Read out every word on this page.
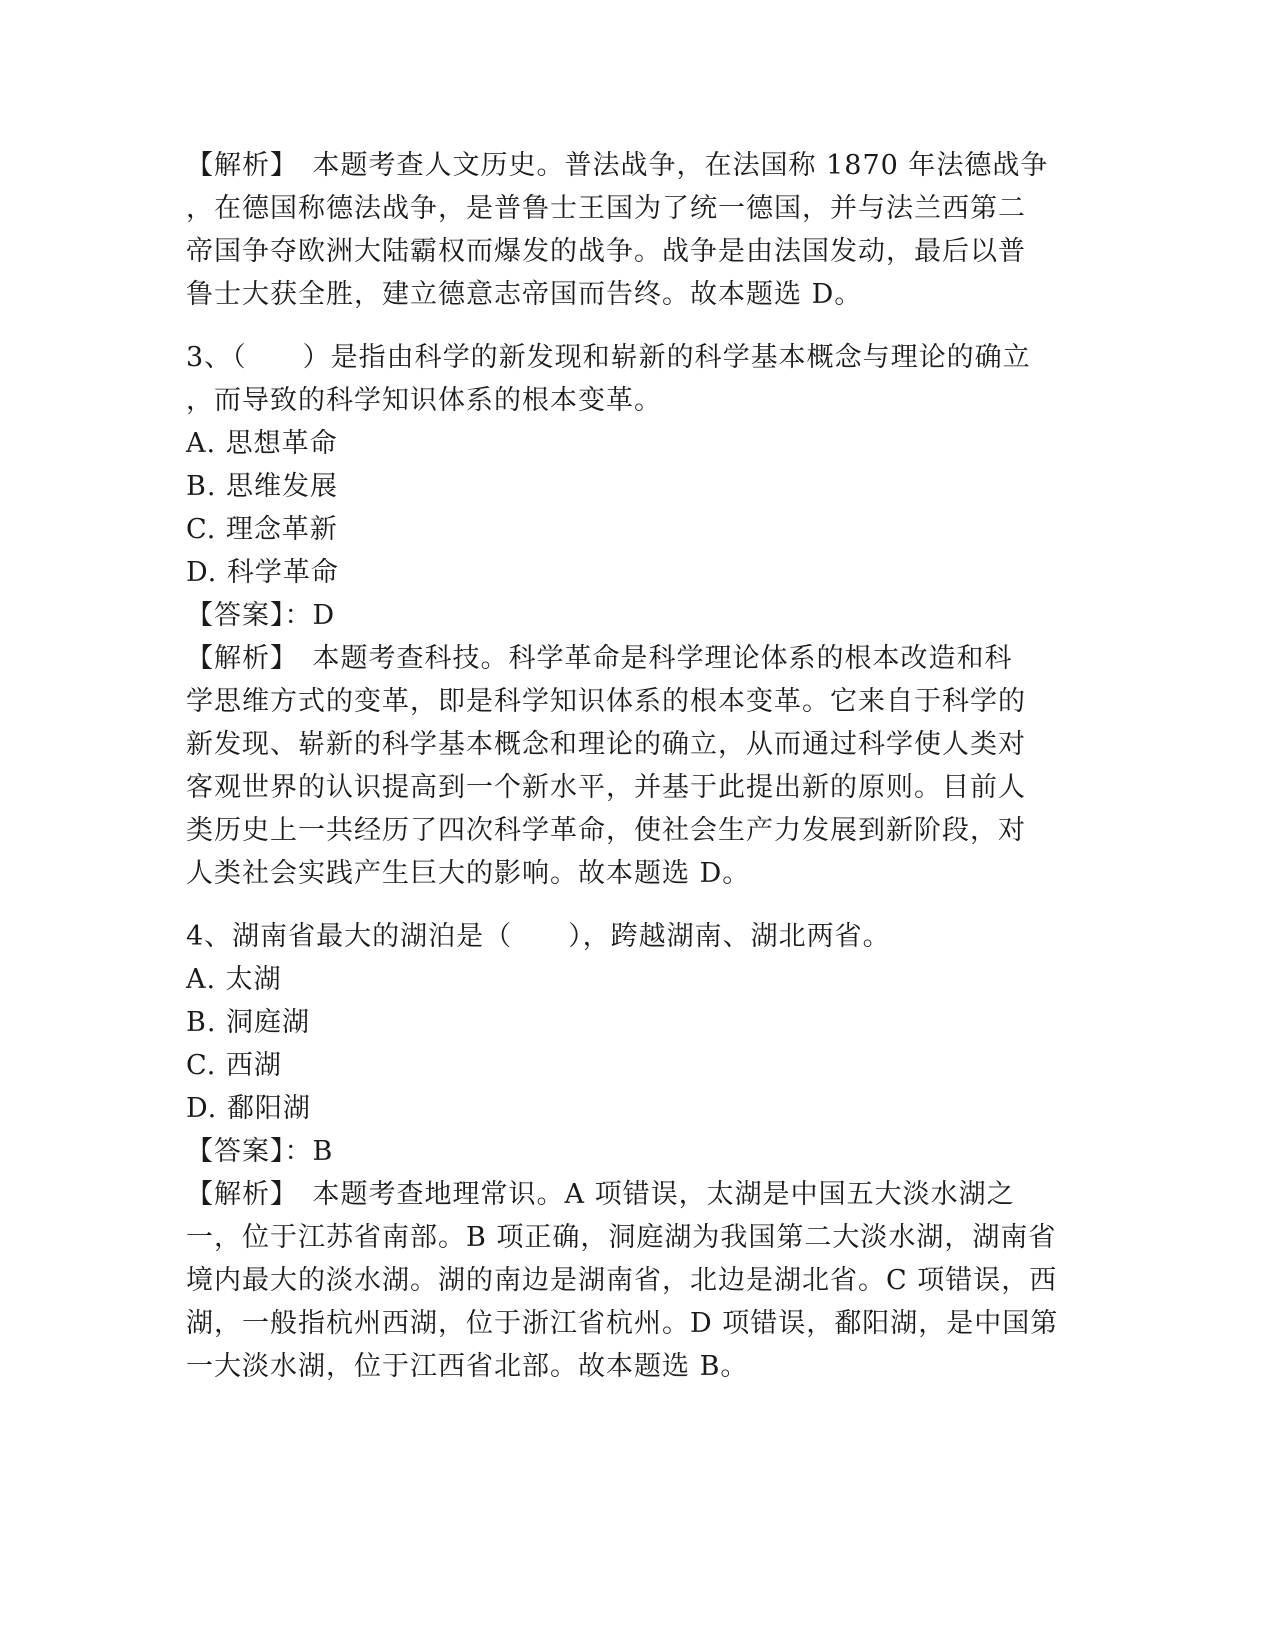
【解析】　本题考查人文历史。普法战争，在法国称 1870 年法德战争
，在德国称德法战争，是普鲁士王国为了统一德国，并与法兰西第二
帝国争夺欧洲大陆霸权而爆发的战争。战争是由法国发动，最后以普
鲁士大获全胜，建立德意志帝国而告终。故本题选 D。
3、（　　）是指由科学的新发现和崭新的科学基本概念与理论的确立
，而导致的科学知识体系的根本变革。
A. 思想革命
B. 思维发展
C. 理念革新
D. 科学革命
【答案】：D
【解析】　本题考查科技。科学革命是科学理论体系的根本改造和科
学思维方式的变革，即是科学知识体系的根本变革。它来自于科学的
新发现、崭新的科学基本概念和理论的确立，从而通过科学使人类对
客观世界的认识提高到一个新水平，并基于此提出新的原则。目前人
类历史上一共经历了四次科学革命，使社会生产力发展到新阶段，对
人类社会实践产生巨大的影响。故本题选 D。
4、湖南省最大的湖泊是（　　），跨越湖南、湖北两省。
A. 太湖
B. 洞庭湖
C. 西湖
D. 鄱阳湖
【答案】：B
【解析】　本题考查地理常识。A 项错误，太湖是中国五大淡水湖之
一，位于江苏省南部。B 项正确，洞庭湖为我国第二大淡水湖，湖南省
境内最大的淡水湖。湖的南边是湖南省，北边是湖北省。C 项错误，西
湖，一般指杭州西湖，位于浙江省杭州。D 项错误，鄱阳湖，是中国第
一大淡水湖，位于江西省北部。故本题选 B。
